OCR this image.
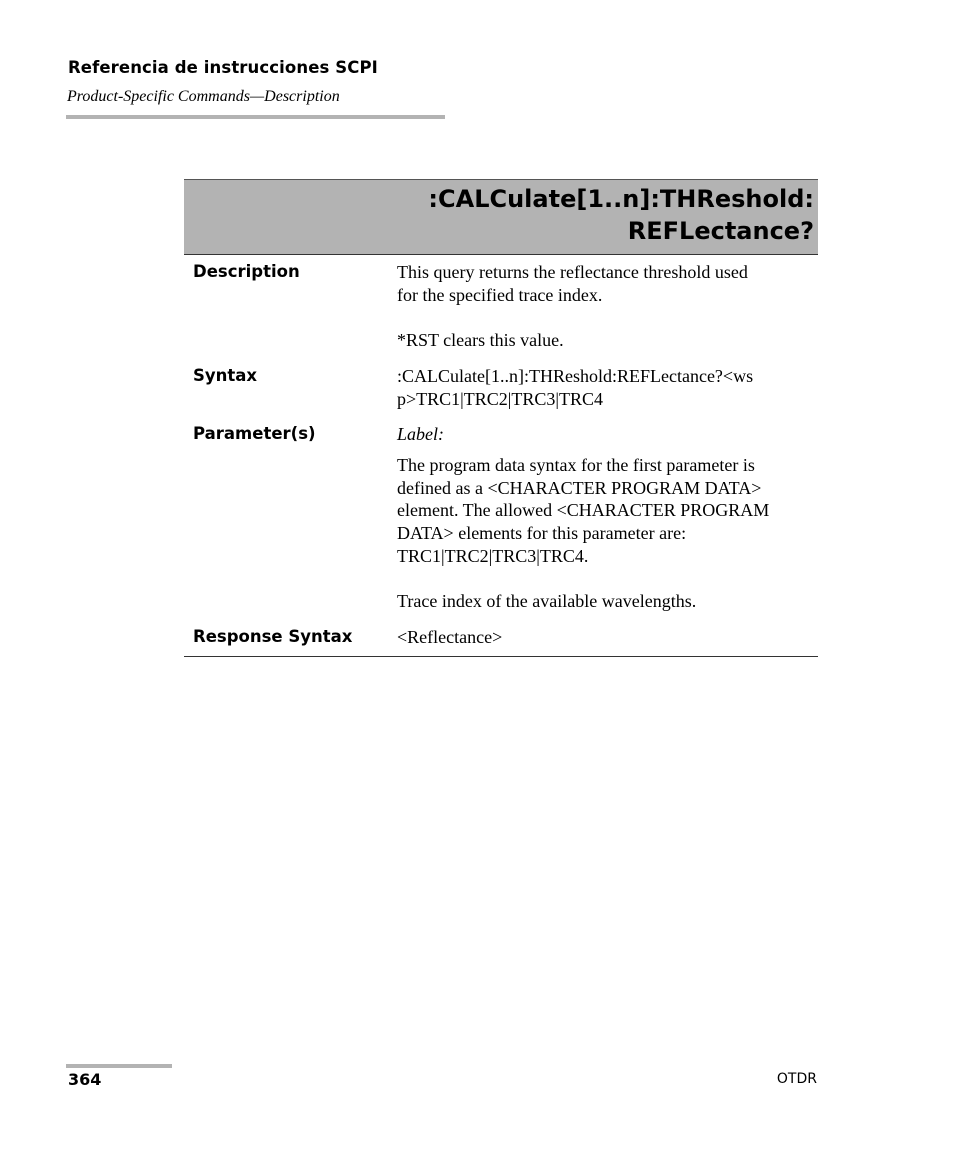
Referencia de instrucciones SCPI
Product-Specific Commands—Description
:CALCulate[1..n]:THReshold:
REFLectance?
Description	This query returns the reflectance threshold used
for the specified trace index.
*RST clears this value.
Syntax	:CALCulate[1..n]:THReshold:REFLectance?<ws
p>TRC1|TRC2|TRC3|TRC4
Parameter(s)	Label:
The program data syntax for the first parameter is
defined as a <CHARACTER PROGRAM DATA>
element. The allowed <CHARACTER PROGRAM
DATA> elements for this parameter are:
TRC1|TRC2|TRC3|TRC4.
Trace index of the available wavelengths.
Response Syntax <Reflectance>
364	OTDR
